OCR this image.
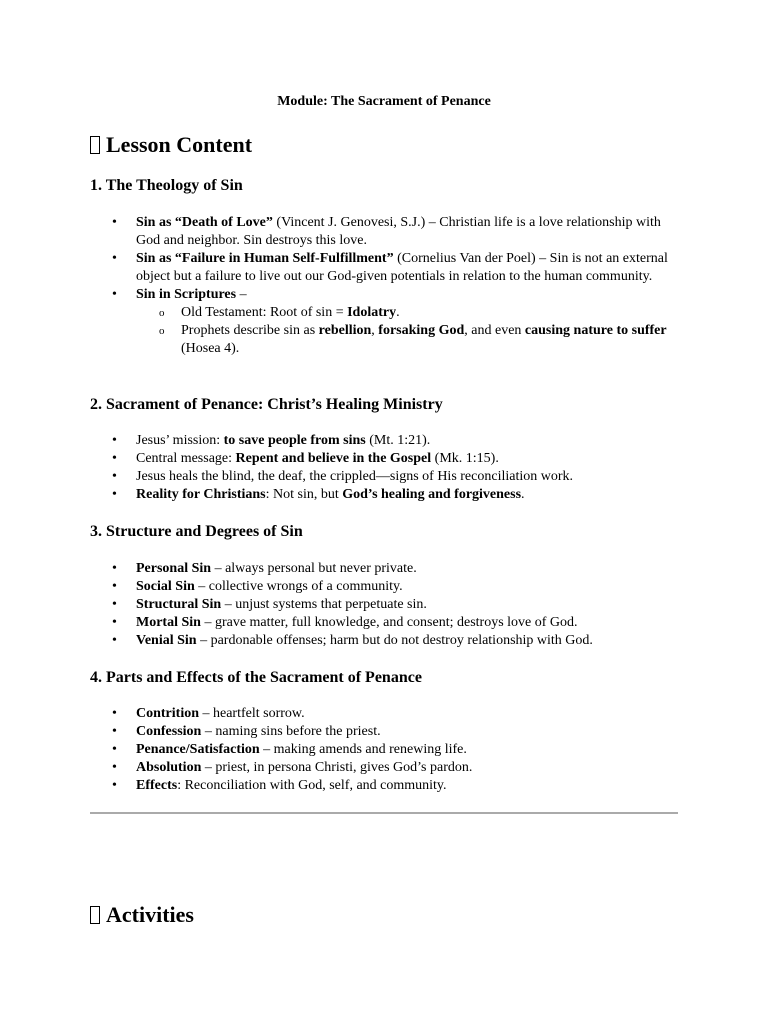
Module: The Sacrament of Penance

Lesson Content
1. The Theology of Sin
• Sin as “Death of Love” (Vincent J. Genovesi, S.J.) – Christian life is a love relationship with God and neighbor. Sin destroys this love.
• Sin as “Failure in Human Self-Fulfillment” (Cornelius Van der Poel) – Sin is not an external object but a failure to live out our God-given potentials in relation to the human community.
• Sin in Scriptures –
o Old Testament: Root of sin = Idolatry.
o Prophets describe sin as rebellion, forsaking God, and even causing nature to suffer (Hosea 4).
2. Sacrament of Penance: Christ’s Healing Ministry
• Jesus’ mission: to save people from sins (Mt. 1:21).
• Central message: Repent and believe in the Gospel (Mk. 1:15).
• Jesus heals the blind, the deaf, the crippled—signs of His reconciliation work.
• Reality for Christians: Not sin, but God’s healing and forgiveness.
3. Structure and Degrees of Sin
• Personal Sin – always personal but never private.
• Social Sin – collective wrongs of a community.
• Structural Sin – unjust systems that perpetuate sin.
• Mortal Sin – grave matter, full knowledge, and consent; destroys love of God.
• Venial Sin – pardonable offenses; harm but do not destroy relationship with God.
4. Parts and Effects of the Sacrament of Penance
• Contrition – heartfelt sorrow.
• Confession – naming sins before the priest.
• Penance/Satisfaction – making amends and renewing life.
• Absolution – priest, in persona Christi, gives God’s pardon.
• Effects: Reconciliation with God, self, and community.
Activities
